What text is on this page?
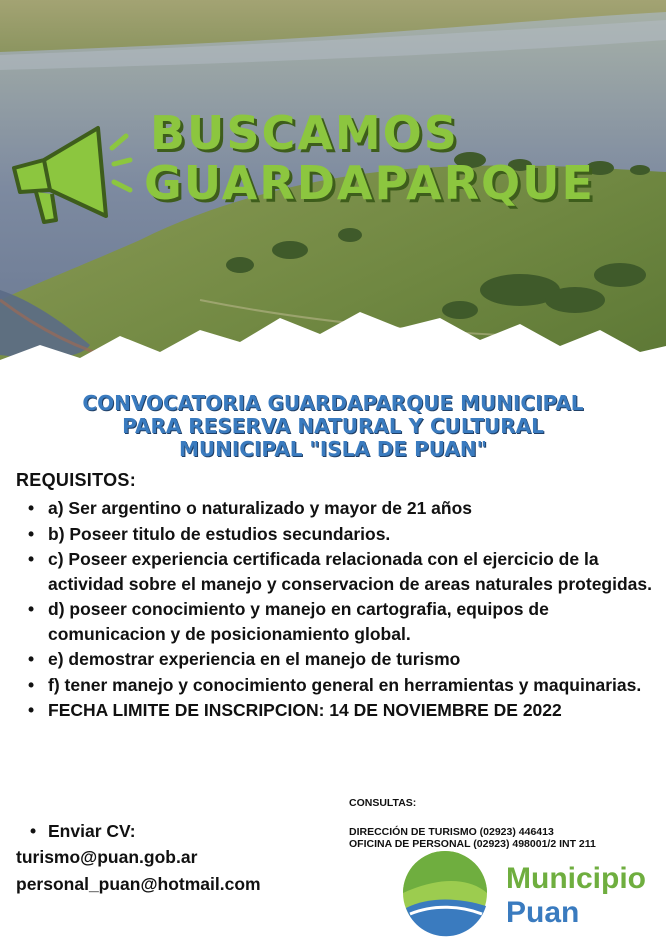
BUSCAMOS
GUARDAPARQUE
CONVOCATORIA GUARDAPARQUE MUNICIPAL
PARA RESERVA NATURAL Y CULTURAL
MUNICIPAL "ISLA DE PUAN"
REQUISITOS:
• a) Ser argentino o naturalizado y mayor de 21 años
• b) Poseer titulo de estudios secundarios.
• c) Poseer experiencia certificada relacionada con el ejercicio de la actividad sobre el manejo y conservacion de areas naturales protegidas.
• d) poseer conocimiento y manejo en cartografia, equipos de comunicacion y de posicionamiento global.
• e) demostrar experiencia en el manejo de turismo
• f) tener manejo y conocimiento general en herramientas y maquinarias.
• FECHA LIMITE DE INSCRIPCION: 14 DE NOVIEMBRE DE 2022
• Enviar CV:
turismo@puan.gob.ar
personal_puan@hotmail.com
CONSULTAS:
DIRECCIÓN DE TURISMO (02923) 446413
OFICINA DE PERSONAL (02923) 498001/2 INT 211
Municipio
Puan
